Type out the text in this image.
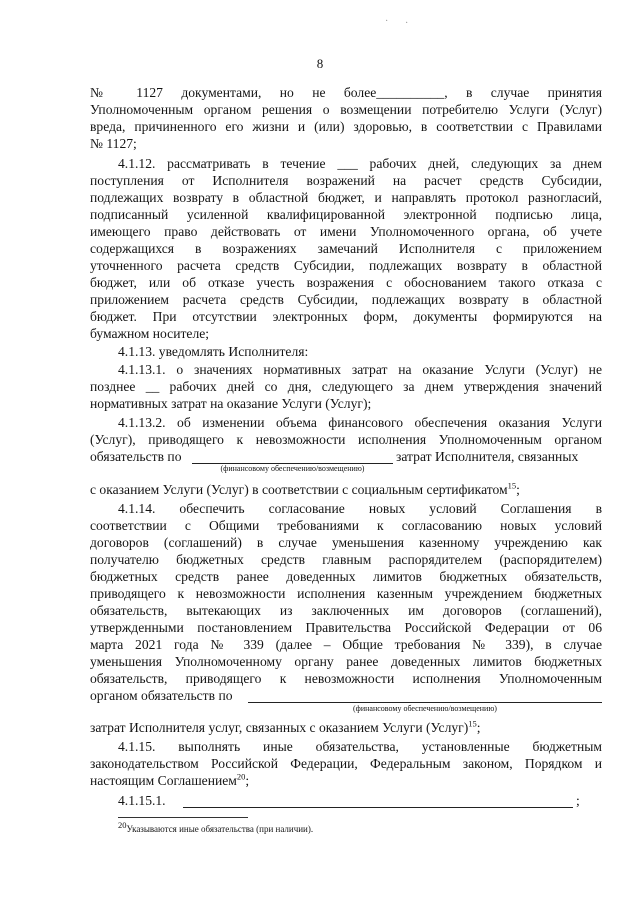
· ·
8
№ 1127 документами, но не более__________, в случае принятия
Уполномоченным органом решения о возмещении потребителю Услуги (Услуг)
вреда, причиненного его жизни и (или) здоровью, в соответствии с Правилами
№ 1127;
4.1.12. рассматривать в течение ___ рабочих дней, следующих за днем
поступления от Исполнителя возражений на расчет средств Субсидии,
подлежащих возврату в областной бюджет, и направлять протокол разногласий,
подписанный усиленной квалифицированной электронной подписью лица,
имеющего право действовать от имени Уполномоченного органа, об учете
содержащихся в возражениях замечаний Исполнителя с приложением
уточненного расчета средств Субсидии, подлежащих возврату в областной
бюджет, или об отказе учесть возражения с обоснованием такого отказа с
приложением расчета средств Субсидии, подлежащих возврату в областной
бюджет. При отсутствии электронных форм, документы формируются на
бумажном носителе;
4.1.13. уведомлять Исполнителя:
4.1.13.1. о значениях нормативных затрат на оказание Услуги (Услуг) не
позднее __ рабочих дней со дня, следующего за днем утверждения значений
нормативных затрат на оказание Услуги (Услуг);
4.1.13.2. об изменении объема финансового обеспечения оказания Услуги
(Услуг), приводящего к невозможности исполнения Уполномоченным органом
обязательств по	затрат Исполнителя, связанных
(финансовому обеспечению/возмещению)
с оказанием Услуги (Услуг) в соответствии с социальным сертификатом$^{15}$;
4.1.14. обеспечить согласование новых условий Соглашения в
соответствии с Общими требованиями к согласованию новых условий
договоров (соглашений) в случае уменьшения казенному учреждению как
получателю бюджетных средств главным распорядителем (распорядителем)
бюджетных средств ранее доведенных лимитов бюджетных обязательств,
приводящего к невозможности исполнения казенным учреждением бюджетных
обязательств, вытекающих из заключенных им договоров (соглашений),
утвержденными постановлением Правительства Российской Федерации от 06
марта 2021 года № 339 (далее – Общие требования № 339), в случае
уменьшения Уполномоченному органу ранее доведенных лимитов бюджетных
обязательств, приводящего к невозможности исполнения Уполномоченным
органом обязательств по
(финансовому обеспечению/возмещению)
затрат Исполнителя услуг, связанных с оказанием Услуги (Услуг)$^{15}$;
4.1.15. выполнять иные обязательства, установленные бюджетным
законодательством Российской Федерации, Федеральным законом, Порядком и
настоящим Соглашением$^{20}$;
4.1.15.1.	;
$^{20}$Указываются иные обязательства (при наличии).
